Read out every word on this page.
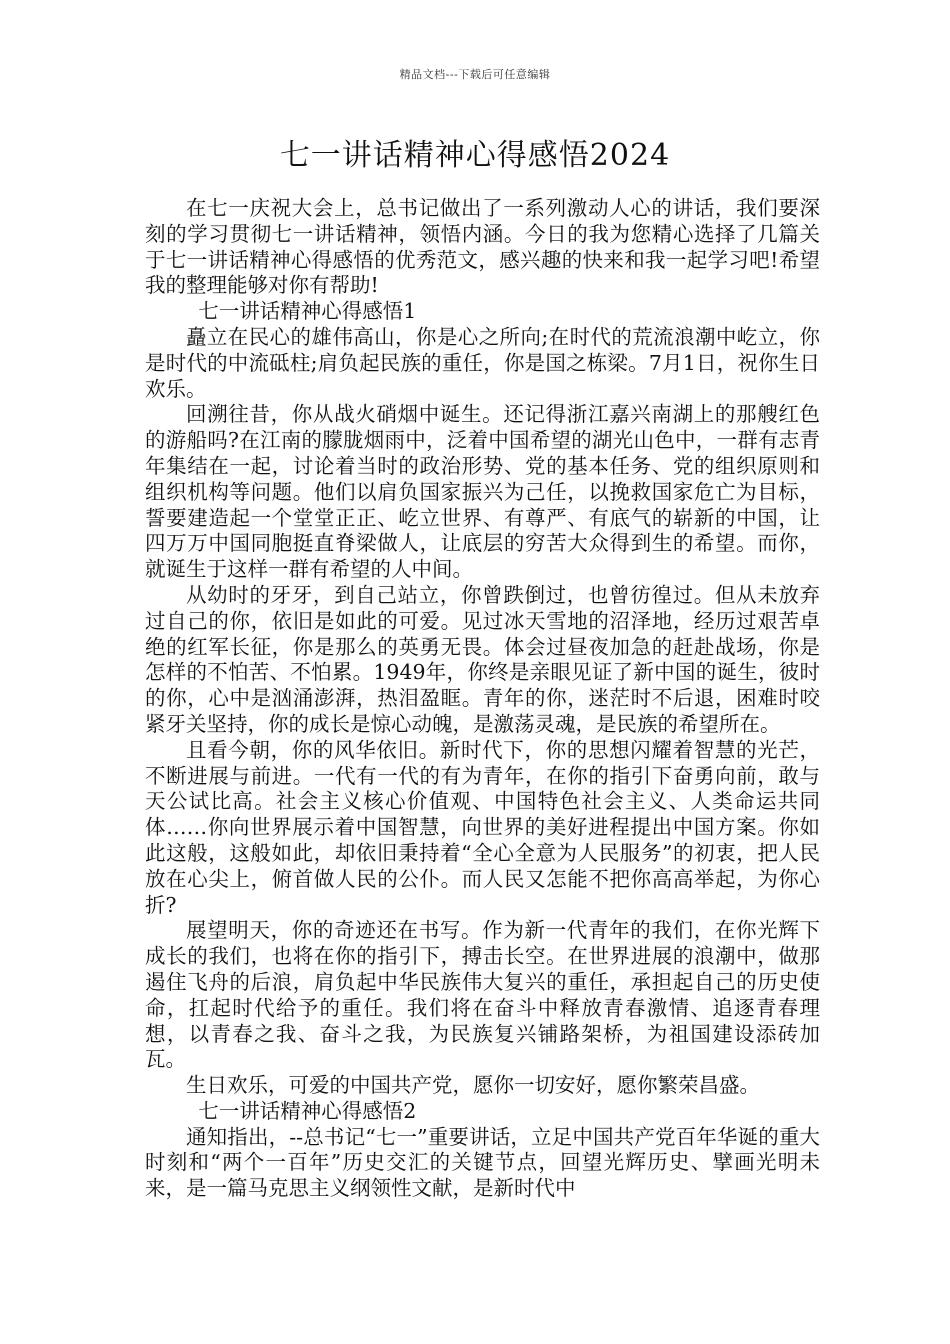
精品文档---下载后可任意编辑
七一讲话精神心得感悟2024

在七一庆祝大会上，总书记做出了一系列激动人心的讲话，我们要深刻的学习贯彻七一讲话精神，领悟内涵。今日的我为您精心选择了几篇关于七一讲话精神心得感悟的优秀范文，感兴趣的快来和我一起学习吧!希望我的整理能够对你有帮助!

七一讲话精神心得感悟1

矗立在民心的雄伟高山，你是心之所向;在时代的荒流浪潮中屹立，你是时代的中流砥柱;肩负起民族的重任，你是国之栋梁。7月1日，祝你生日欢乐。

回溯往昔，你从战火硝烟中诞生。还记得浙江嘉兴南湖上的那艘红色的游船吗?在江南的朦胧烟雨中，泛着中国希望的湖光山色中，一群有志青年集结在一起，讨论着当时的政治形势、党的基本任务、党的组织原则和组织机构等问题。他们以肩负国家振兴为己任，以挽救国家危亡为目标，誓要建造起一个堂堂正正、屹立世界、有尊严、有底气的崭新的中国，让四万万中国同胞挺直脊梁做人，让底层的穷苦大众得到生的希望。而你，就诞生于这样一群有希望的人中间。

从幼时的牙牙，到自己站立，你曾跌倒过，也曾彷徨过。但从未放弃过自己的你，依旧是如此的可爱。见过冰天雪地的沼泽地，经历过艰苦卓绝的红军长征，你是那么的英勇无畏。体会过昼夜加急的赶赴战场，你是怎样的不怕苦、不怕累。1949年，你终是亲眼见证了新中国的诞生，彼时的你，心中是汹涌澎湃，热泪盈眶。青年的你，迷茫时不后退，困难时咬紧牙关坚持，你的成长是惊心动魄，是激荡灵魂，是民族的希望所在。

且看今朝，你的风华依旧。新时代下，你的思想闪耀着智慧的光芒，不断进展与前进。一代有一代的有为青年，在你的指引下奋勇向前，敢与天公试比高。社会主义核心价值观、中国特色社会主义、人类命运共同体……你向世界展示着中国智慧，向世界的美好进程提出中国方案。你如此这般，这般如此，却依旧秉持着“全心全意为人民服务”的初衷，把人民放在心尖上，俯首做人民的公仆。而人民又怎能不把你高高举起，为你心折?

展望明天，你的奇迹还在书写。作为新一代青年的我们，在你光辉下成长的我们，也将在你的指引下，搏击长空。在世界进展的浪潮中，做那遏住飞舟的后浪，肩负起中华民族伟大复兴的重任，承担起自己的历史使命，扛起时代给予的重任。我们将在奋斗中释放青春激情、追逐青春理想，以青春之我、奋斗之我，为民族复兴铺路架桥，为祖国建设添砖加瓦。

生日欢乐，可爱的中国共产党，愿你一切安好，愿你繁荣昌盛。

七一讲话精神心得感悟2

通知指出，--总书记“七一”重要讲话，立足中国共产党百年华诞的重大时刻和“两个一百年”历史交汇的关键节点，回望光辉历史、擘画光明未来，是一篇马克思主义纲领性文献，是新时代中
